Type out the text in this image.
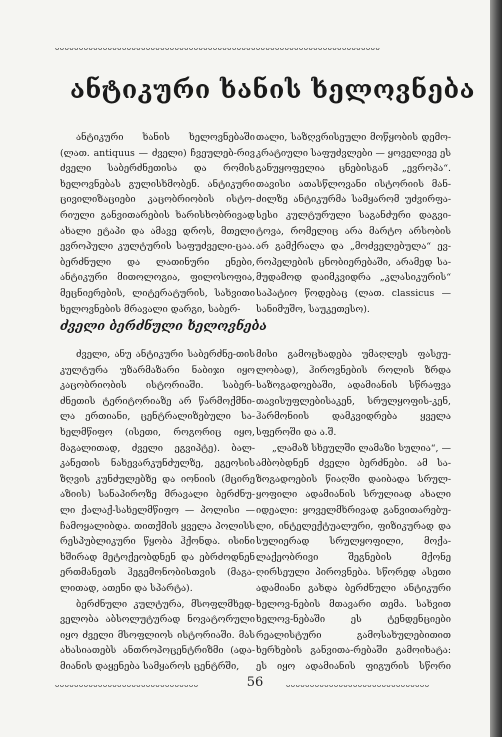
ᴗᴗᴗᴗᴗᴗᴗᴗᴗᴗᴗᴗᴗᴗᴗᴗᴗᴗᴗᴗᴗᴗᴗᴗᴗᴗᴗᴗᴗᴗᴗᴗᴗᴗᴗᴗᴗᴗᴗᴗᴗᴗᴗᴗᴗᴗᴗᴗᴗᴗᴗᴗᴗᴗᴗᴗᴗᴗᴗᴗᴗᴗᴗᴗᴗᴗᴗᴗ
ანტიკური ხანის ხელოვნება

ანტიკური ხანის ხელოვნებაში (ლათ. antiquus — ძველი) ჩვეულებ-რივ ძველი საბერძნეთისა და რომის ხელოვნებას გულისხმობენ. ანტიკური ცივილიზაციები კაცობრიობის ისტო-რიული განვითარების ხარისხობრივად ახალი ეტაპი და ამავე დროს, მთელი ევროპული კულტურის საფუძველი-ცაა. ბერძნული და ლათინური ენები, ანტიკური მითოლოგია, ფილოსოფია, მეცნიერების, ლიტერატურის, სახვითი ხელოვნების მრავალი დარგი, საბერ-

თალი, საზღვრისეული მოწყობის დემო-კრატიული საფუძვლები — ყოველივე ეს განუყოფელია ცნებისგან „ევროპა“. თავისი ათასწლოვანი ისტორიის მან-ძილზე ანტიკურმა სამყარომ უძვირფა-სესი კულტურული საგანძური დაგვი-ტოვა, რომელიც არა მარტო არსობის არ გამქრალა და „მოძველებულა“ ევ-როპელების ცნობიერებაში, არამედ სა-მუდამოდ დაიმკვიდრა „კლასიკურის“ საპატიო წოდებაც (ლათ. classicus — სანიმუშო, საუკეთესო).

ძველი ბერძნული ხელოვნება

ძველი, ანუ ანტიკური საბერძნე-თის კულტურა უზარმაზარი ნაბიჯი იყო კაცობრიობის ისტორიაში. საბერ-ძნეთის ტერიტორიაზე არ წარმოქმნი-ლა ერთიანი, ცენტრალიზებული სა-ხელმწიფო (ისეთი, როგორიც იყო, მაგალითად, ძველი ეგვიპტე). ბალ-კანეთის ნახევარკუნძულზე, ეგეოსის ზღვის კუნძულებზე და იონიის (მცირე აზიის) სანაპიროზე მრავალი ბერძნუ-ლი ქალაქ-სახელმწიფო — პოლისი — ჩამოყალიბდა. თითქმის ყველა პოლისს რესპუბლიკური წყობა ჰქონდა. ისინი ხშირად მეტოქეობდნენ და ებრძოდნენ ერთმანეთს ჰეგემონობისთვის (მაგა-ლითად, ათენი და სპარტა).

ბერძნული კულტურა, მსოფლმხედ-ველობა აბსოლუტურად ნოვატორული იყო ძველი მსოფლიოს ისტორიაში. მას ახასიათებს ანთროპოცენტრიზმი (ადა-მიანის დაყენება სამყაროს ცენტრში,

მისი გამოცხადება უმაღლეს ფასეუ-ლობად), ჰიროვნების როლის ზრდა საზოგადოებაში, ადამიანის სწრაფვა თავისუფლებისაკენ, სრულყოფის-კენ, ჰარმონიის დამკვიდრება ყველა სფეროში და ა.შ.

„ლამაზ სხეულში ლამაზი სულია“, — ამბობდნენ ძველი ბერძნები. ამ სა-ზოგადოების წიაღში დაიბადა სრულ-ყოფილი ადამიანის სრულიად ახალი იდეალი: ყოველმხრივად განვითარებუ-ლი, ინტელექტუალური, ფიზიკურად და სულიერად სრულყოფილი, მოქა-ლაქეობრივი შეგნების მქონე ღირსეული პიროვნება. სწორედ ასეთი ადამიანი გახდა ბერძნული ანტიკური ხელოვ-ნების მთავარი თემა. სახვით ხელოვ-ნებაში ეს ტენდენციები რეალისტური გამოსახულებითით ხერხების განვითა-რებაში გამოიხატა: ეს იყო ადამიანის ფიგურის სწორი

ᴗᴗᴗᴗᴗᴗᴗᴗᴗᴗᴗᴗᴗᴗᴗᴗᴗᴗᴗᴗᴗᴗᴗᴗᴗᴗᴗᴗᴗᴗ	56	ᴗᴗᴗᴗᴗᴗᴗᴗᴗᴗᴗᴗᴗᴗᴗᴗᴗᴗᴗᴗᴗᴗᴗᴗᴗᴗᴗᴗᴗᴗ
